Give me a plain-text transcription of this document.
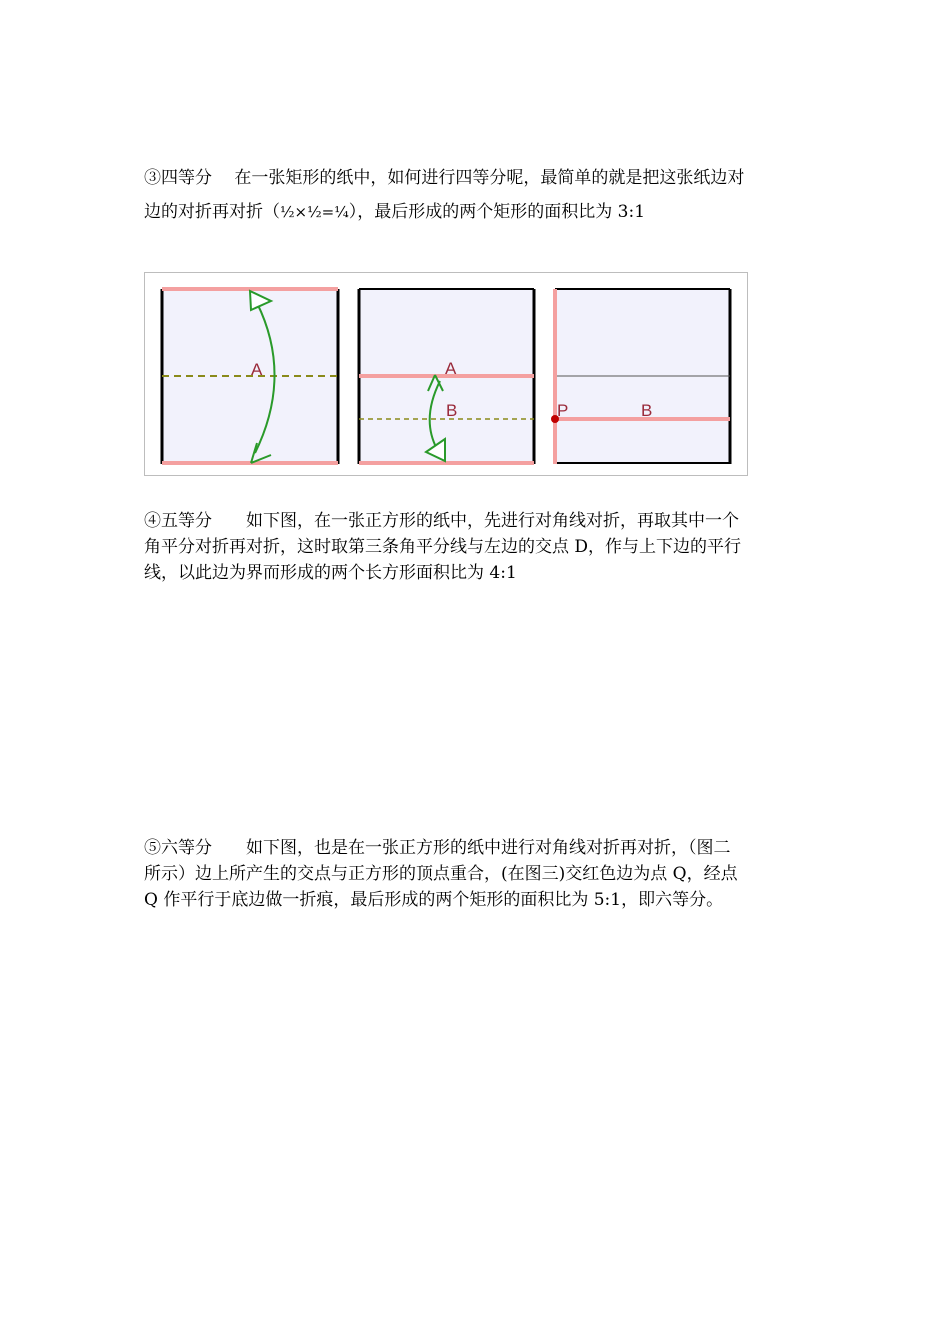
③四等分　 在一张矩形的纸中，如何进行四等分呢，最简单的就是把这张纸边对
边的对折再对折（½×½=¼），最后形成的两个矩形的面积比为 3:1
A	A
B	P	B
④五等分　　如下图，在一张正方形的纸中，先进行对角线对折，再取其中一个
角平分对折再对折，这时取第三条角平分线与左边的交点 D，作与上下边的平行
线，以此边为界而形成的两个长方形面积比为 4:1
⑤六等分　　如下图，也是在一张正方形的纸中进行对角线对折再对折，（图二
所示）边上所产生的交点与正方形的顶点重合，(在图三)交红色边为点 Q，经点
Q 作平行于底边做一折痕，最后形成的两个矩形的面积比为 5:1，即六等分。
